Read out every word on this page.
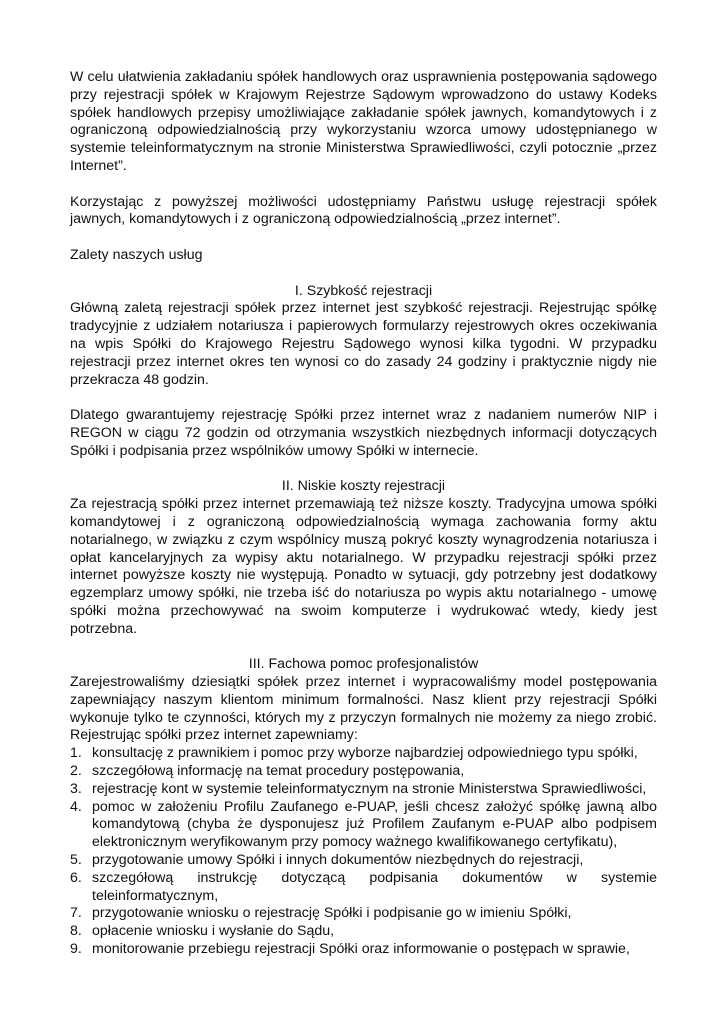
W celu ułatwienia zakładaniu spółek handlowych oraz usprawnienia postępowania sądowego przy rejestracji spółek w Krajowym Rejestrze Sądowym wprowadzono do ustawy Kodeks spółek handlowych przepisy umożliwiające zakładanie spółek jawnych, komandytowych i z ograniczoną odpowiedzialnością przy wykorzystaniu wzorca umowy udostępnianego w systemie teleinformatycznym na stronie Ministerstwa Sprawiedliwości, czyli potocznie „przez Internet”.

Korzystając z powyższej możliwości udostępniamy Państwu usługę rejestracji spółek jawnych, komandytowych i z ograniczoną odpowiedzialnością „przez internet”.

Zalety naszych usług

I. Szybkość rejestracji

Główną zaletą rejestracji spółek przez internet jest szybkość rejestracji. Rejestrując spółkę tradycyjnie z udziałem notariusza i papierowych formularzy rejestrowych okres oczekiwania na wpis Spółki do Krajowego Rejestru Sądowego wynosi kilka tygodni. W przypadku rejestracji przez internet okres ten wynosi co do zasady 24 godziny i praktycznie nigdy nie przekracza 48 godzin.

Dlatego gwarantujemy rejestrację Spółki przez internet wraz z nadaniem numerów NIP i REGON w ciągu 72 godzin od otrzymania wszystkich niezbędnych informacji dotyczących Spółki i podpisania przez wspólników umowy Spółki w internecie.

II. Niskie koszty rejestracji

Za rejestracją spółki przez internet przemawiają też niższe koszty. Tradycyjna umowa spółki komandytowej i z ograniczoną odpowiedzialnością wymaga zachowania formy aktu notarialnego, w związku z czym wspólnicy muszą pokryć koszty wynagrodzenia notariusza i opłat kancelaryjnych za wypisy aktu notarialnego. W przypadku rejestracji spółki przez internet powyższe koszty nie występują. Ponadto w sytuacji, gdy potrzebny jest dodatkowy egzemplarz umowy spółki, nie trzeba iść do notariusza po wypis aktu notarialnego - umowę spółki można przechowywać na swoim komputerze i wydrukować wtedy, kiedy jest potrzebna.

III. Fachowa pomoc profesjonalistów

Zarejestrowaliśmy dziesiątki spółek przez internet i wypracowaliśmy model postępowania zapewniający naszym klientom minimum formalności. Nasz klient przy rejestracji Spółki wykonuje tylko te czynności, których my z przyczyn formalnych nie możemy za niego zrobić. Rejestrując spółki przez internet zapewniamy:

1. konsultację z prawnikiem i pomoc przy wyborze najbardziej odpowiedniego typu spółki,
2. szczegółową informację na temat procedury postępowania,
3. rejestrację kont w systemie teleinformatycznym na stronie Ministerstwa Sprawiedliwości,
4. pomoc w założeniu Profilu Zaufanego e-PUAP, jeśli chcesz założyć spółkę jawną albo komandytową (chyba że dysponujesz już Profilem Zaufanym e-PUAP albo podpisem elektronicznym weryfikowanym przy pomocy ważnego kwalifikowanego certyfikatu),
5. przygotowanie umowy Spółki i innych dokumentów niezbędnych do rejestracji,
6. szczegółową instrukcję dotyczącą podpisania dokumentów w systemie teleinformatycznym,
7. przygotowanie wniosku o rejestrację Spółki i podpisanie go w imieniu Spółki,
8. opłacenie wniosku i wysłanie do Sądu,
9. monitorowanie przebiegu rejestracji Spółki oraz informowanie o postępach w sprawie,
